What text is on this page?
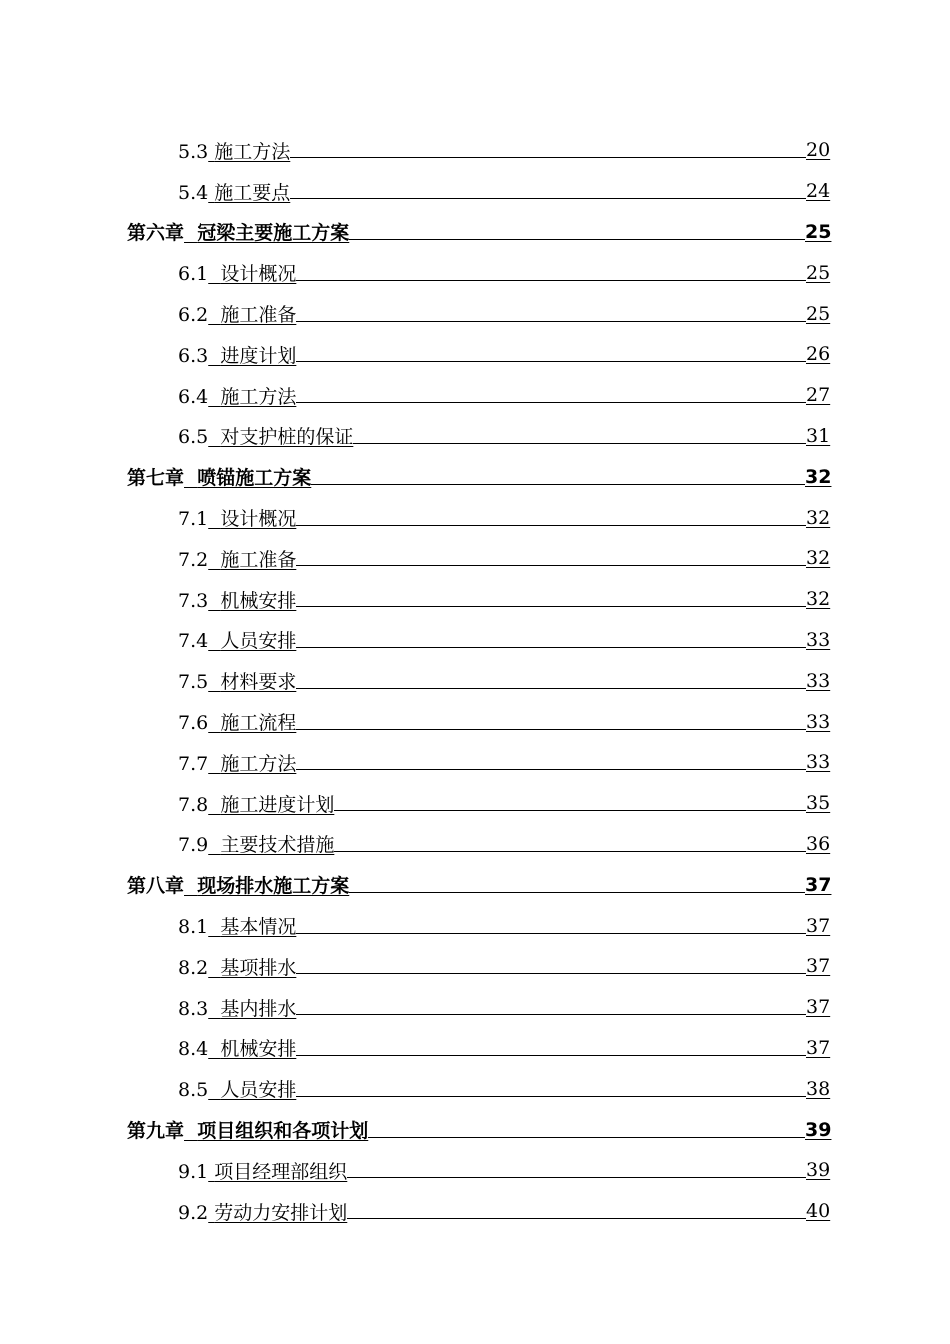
5.3 施工方法	20
5.4 施工要点	24
第六章 冠梁主要施工方案	25
6.1 设计概况	25
6.2 施工准备	25
6.3 进度计划	26
6.4 施工方法	27
6.5 对支护桩的保证	31
第七章 喷锚施工方案	32
7.1 设计概况	32
7.2 施工准备	32
7.3 机械安排	32
7.4 人员安排	33
7.5 材料要求	33
7.6 施工流程	33
7.7 施工方法	33
7.8 施工进度计划	35
7.9 主要技术措施	36
第八章 现场排水施工方案	37
8.1 基本情况	37
8.2 基项排水	37
8.3 基内排水	37
8.4 机械安排	37
8.5 人员安排	38
第九章 项目组织和各项计划	39
9.1 项目经理部组织	39
9.2 劳动力安排计划	40
